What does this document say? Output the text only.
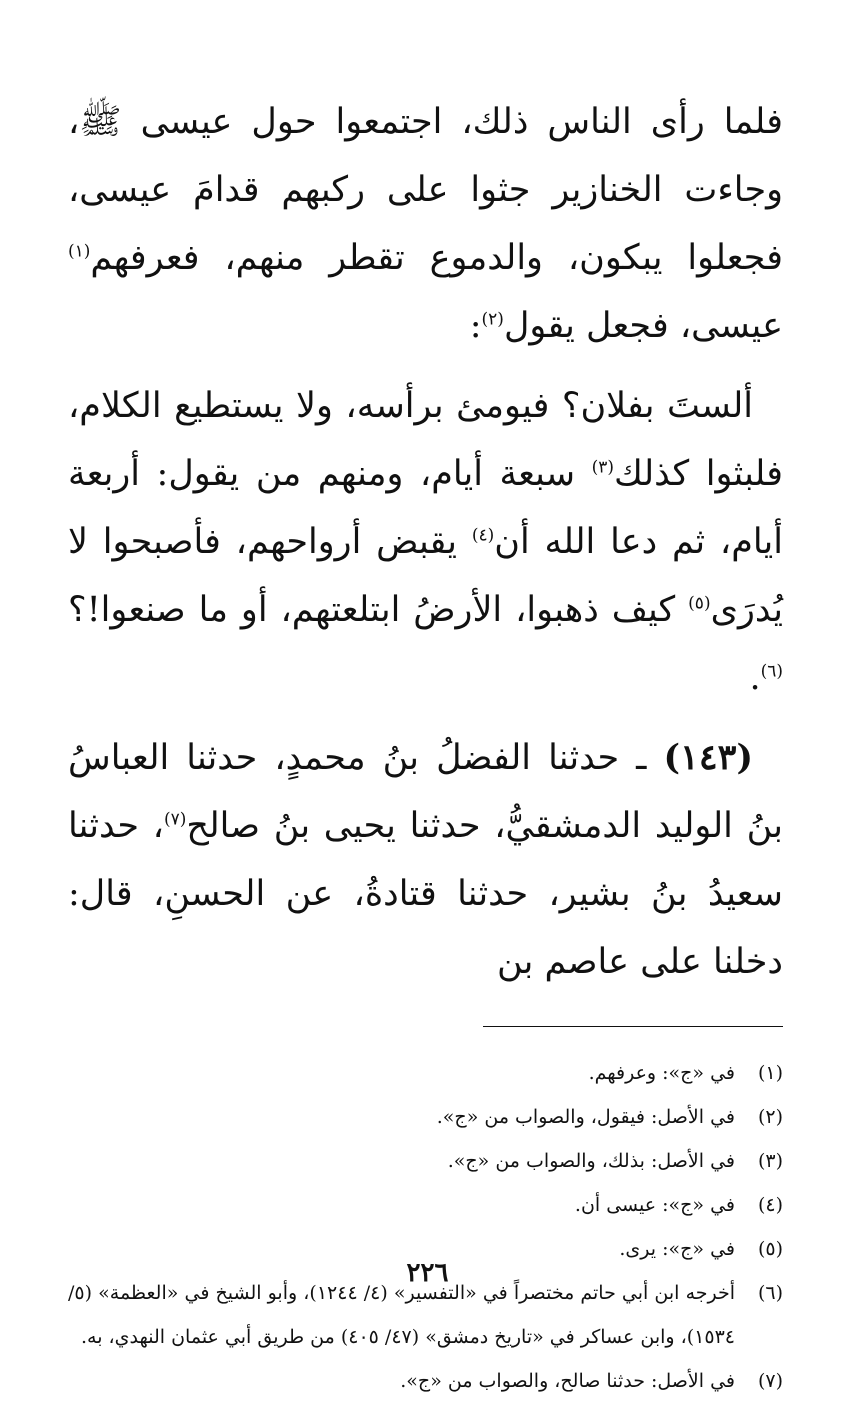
فلما رأى الناس ذلك، اجتمعوا حول عيسى ﷺ، وجاءت الخنازير جثوا على ركبهم قدامَ عيسى، فجعلوا يبكون، والدموع تقطر منهم، فعرفهم$^{(١)}$ عيسى، فجعل يقول$^{(٢)}$:

ألستَ بفلان؟ فيومئ برأسه، ولا يستطيع الكلام، فلبثوا كذلك$^{(٣)}$ سبعة أيام، ومنهم من يقول: أربعة أيام، ثم دعا الله أن$^{(٤)}$ يقبض أرواحهم، فأصبحوا لا يُدرَى$^{(٥)}$ كيف ذهبوا، الأرضُ ابتلعتهم، أو ما صنعوا!؟$^{(٦)}$.

(١٤٣) ـ حدثنا الفضلُ بنُ محمدٍ، حدثنا العباسُ بنُ الوليد الدمشقيُّ، حدثنا يحيى بنُ صالح$^{(٧)}$، حدثنا سعيدُ بنُ بشير، حدثنا قتادةُ، عن الحسنِ، قال: دخلنا على عاصم بن

(١)
في «ج»: وعرفهم.
(٢)
في الأصل: فيقول، والصواب من «ج».
(٣)
في الأصل: بذلك، والصواب من «ج».
(٤)
في «ج»: عيسى أن.
(٥)
في «ج»: يرى.
(٦)
أخرجه ابن أبي حاتم مختصراً في «التفسير» (٤/ ١٢٤٤)، وأبو الشيخ في «العظمة» (٥/ ١٥٣٤)، وابن عساكر في «تاريخ دمشق» (٤٧/ ٤٠٥) من طريق أبي عثمان النهدي، به.
(٧)
في الأصل: حدثنا صالح، والصواب من «ج».
٢٢٦
